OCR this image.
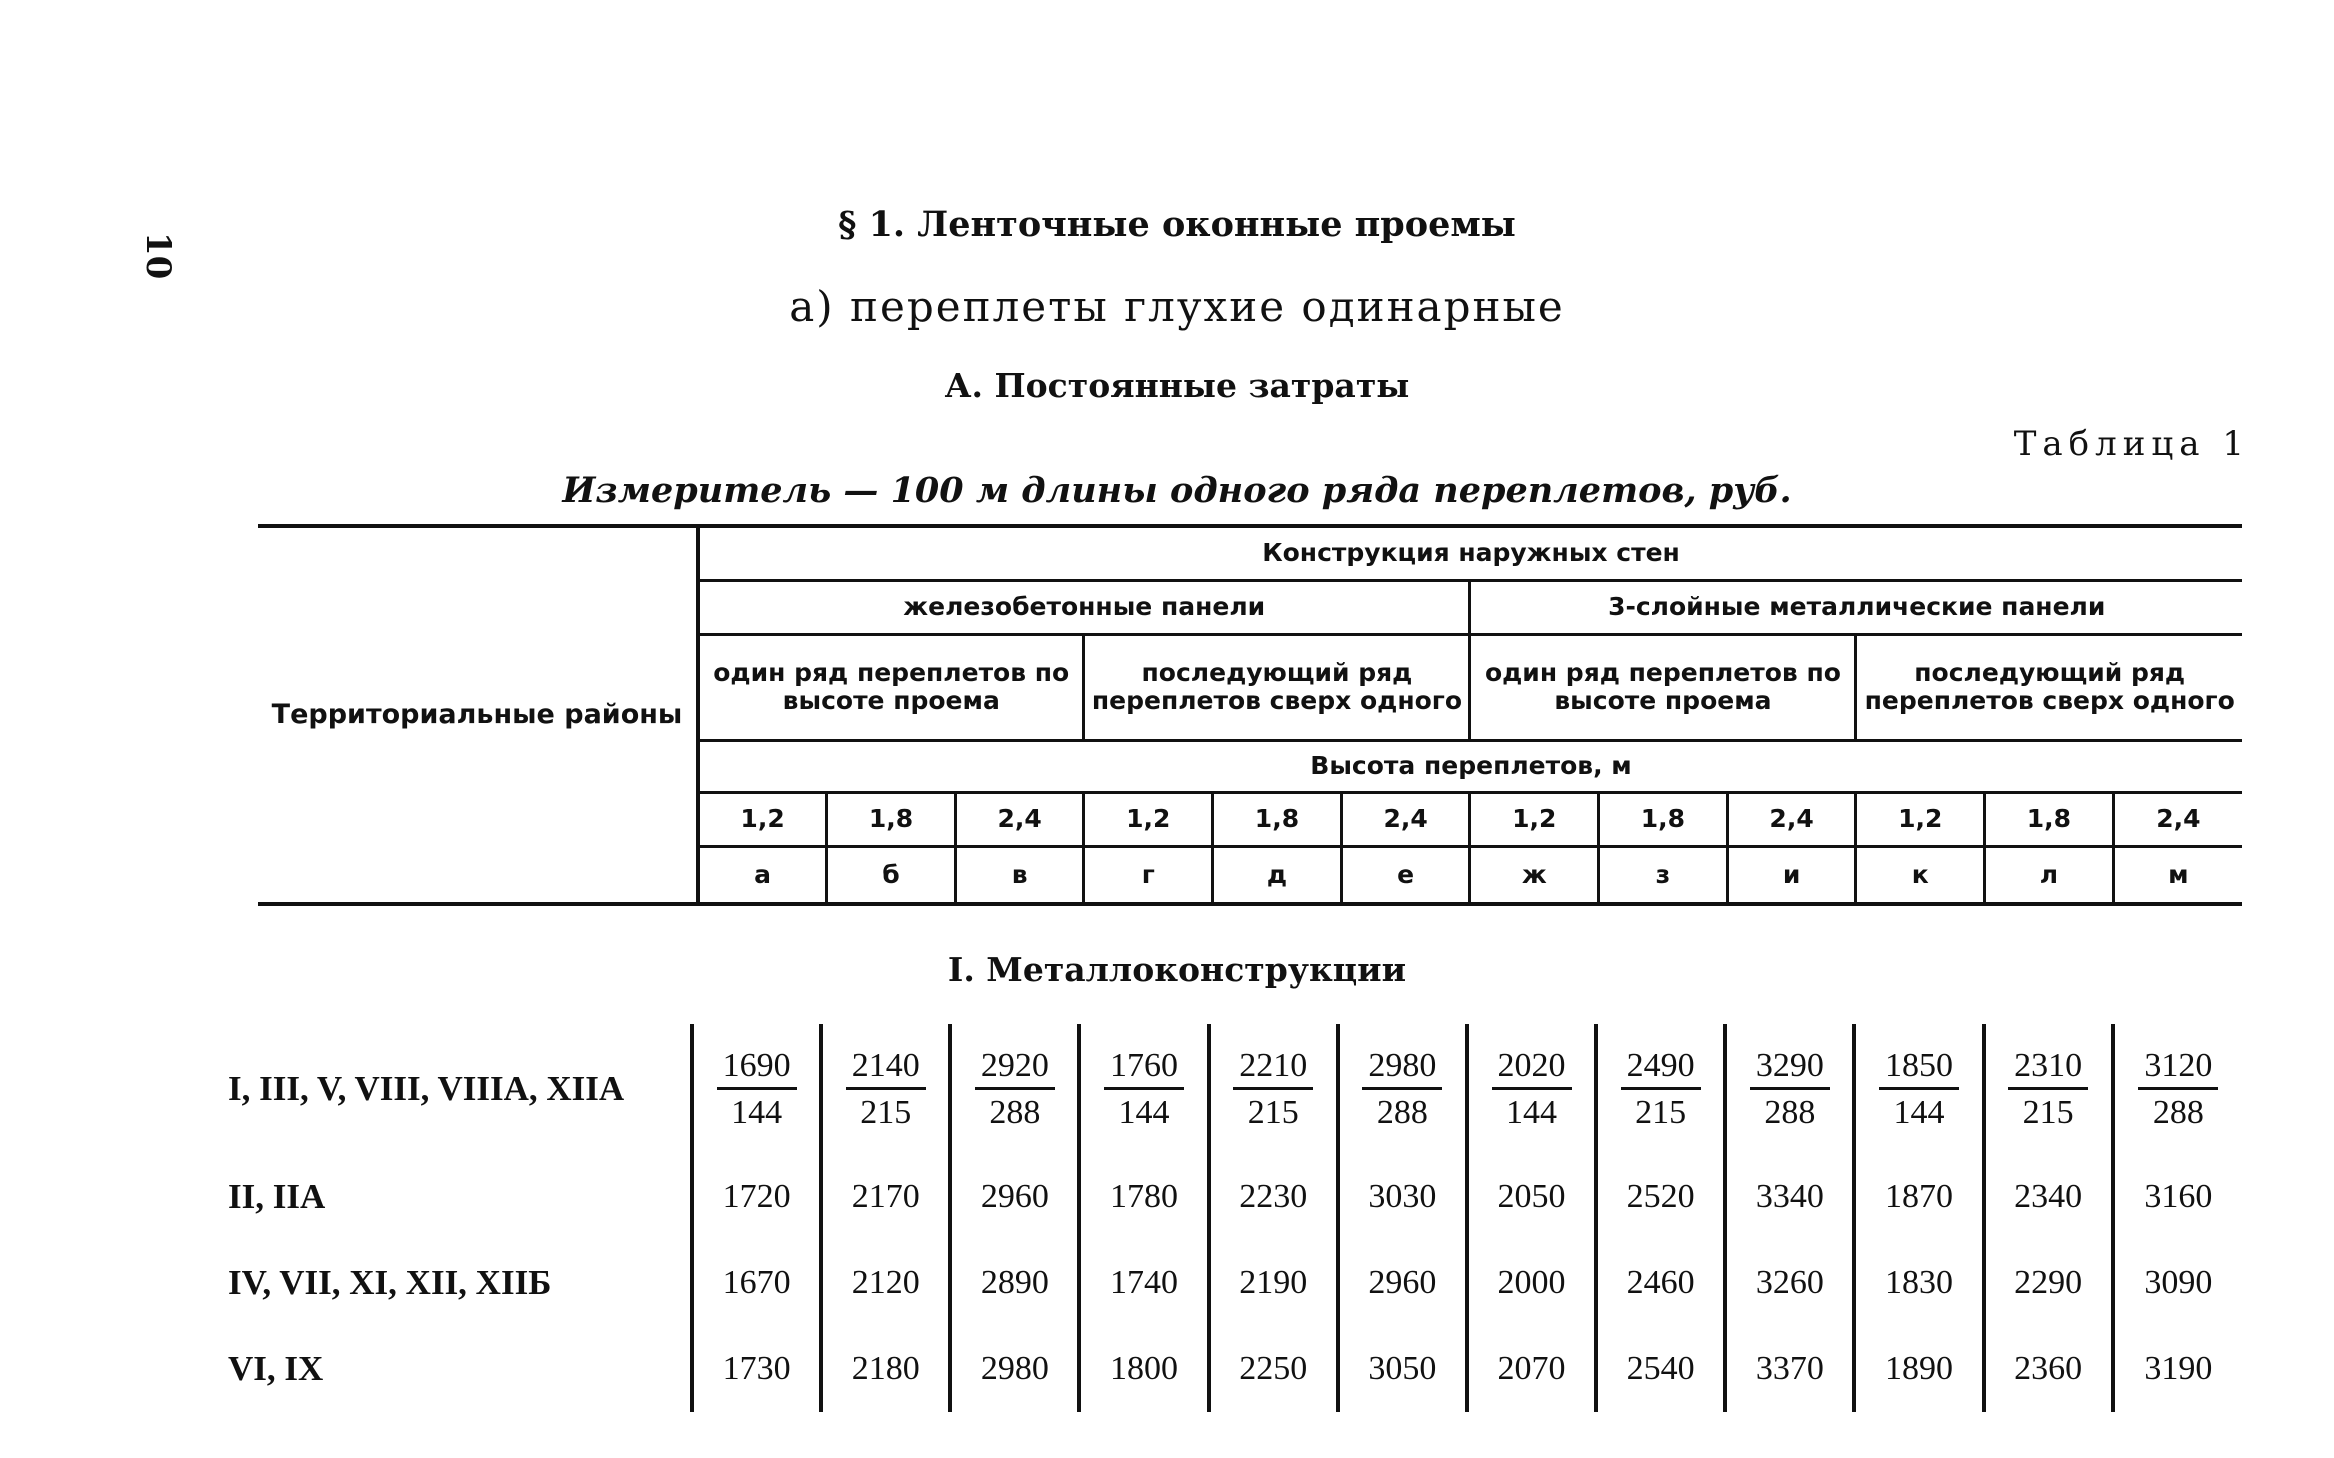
10
§ 1. Ленточные оконные проемы
а) переплеты глухие одинарные
А. Постоянные затраты
Таблица 1
Измеритель — 100 м длины одного ряда переплетов, руб.
Территориальные районы	Конструкция наружных стен											
	железобетонные панели						3-слойные металлические панели					
	один ряд переплетов по высоте проема			последующий ряд переплетов сверх одного			один ряд переплетов по высоте проема			последующий ряд переплетов сверх одного		
	Высота переплетов, м											
	1,2	1,8	2,4	1,2	1,8	2,4	1,2	1,8	2,4	1,2	1,8	2,4
	а	б	в	г	д	е	ж	з	и	к	л	м
I. Металлоконструкции
I, III, V, VIII, VIIIA, XIIA	$\frac{1690}{144}$	$\frac{2140}{215}$	$\frac{2920}{288}$	$\frac{1760}{144}$	$\frac{2210}{215}$	$\frac{2980}{288}$	$\frac{2020}{144}$	$\frac{2490}{215}$	$\frac{3290}{288}$	$\frac{1850}{144}$	$\frac{2310}{215}$	$\frac{3120}{288}$

II, IIA	1720	2170	2960	1780	2230	3030	2050	2520	3340	1870	2340	3160
IV, VII, XI, XII, XIIБ	1670	2120	2890	1740	2190	2960	2000	2460	3260	1830	2290	3090
VI, IX	1730	2180	2980	1800	2250	3050	2070	2540	3370	1890	2360	3190
